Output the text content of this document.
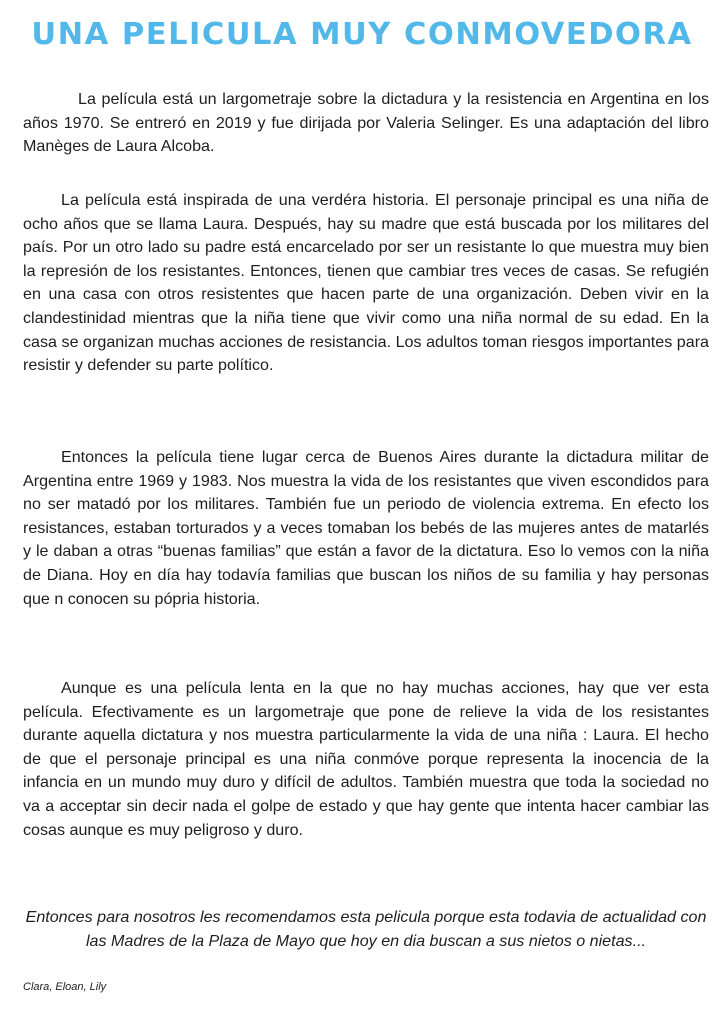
UNA PELICULA MUY CONMOVEDORA

La película está un largometraje sobre la dictadura y la resistencia en Argentina en los años 1970. Se entreró en 2019 y fue dirijada por Valeria Selinger. Es una adaptación del libro Manèges de Laura Alcoba.

La película está inspirada de una verdéra historia. El personaje principal es una niña de ocho años que se llama Laura. Después, hay su madre que está buscada por los militares del país. Por un otro lado su padre está encarcelado por ser un resistante lo que muestra muy bien la represión de los resistantes. Entonces, tienen que cambiar tres veces de casas. Se refugién en una casa con otros resistentes que hacen parte de una organización. Deben vivir en la clandestinidad mientras que la niña tiene que vivir como una niña normal de su edad. En la casa se organizan muchas acciones de resistancia. Los adultos toman riesgos importantes para resistir y defender su parte político.

Entonces la película tiene lugar cerca de Buenos Aires durante la dictadura militar de Argentina entre 1969 y 1983. Nos muestra la vida de los resistantes que viven escondidos para no ser matadó por los militares. También fue un periodo de violencia extrema. En efecto los resistances, estaban torturados y a veces tomaban los bebés de las mujeres antes de matarlés y le daban a otras “buenas familias” que están a favor de la dictatura. Eso lo vemos con la niña de Diana. Hoy en día hay todavía familias que buscan los niños de su familia y hay personas que n conocen su pópria historia.

Aunque es una película lenta en la que no hay muchas acciones, hay que ver esta película. Efectivamente es un largometraje que pone de relieve la vida de los resistantes durante aquella dictatura y nos muestra particularmente la vida de una niña : Laura. El hecho de que el personaje principal es una niña conmóve porque representa la inocencia de la infancia en un mundo muy duro y difícil de adultos. También muestra que toda la sociedad no va a acceptar sin decir nada el golpe de estado y que hay gente que intenta hacer cambiar las cosas aunque es muy peligroso y duro.

Entonces para nosotros les recomendamos esta pelicula porque esta todavia de actualidad con las Madres de la Plaza de Mayo que hoy en dia buscan a sus nietos o nietas...
Clara, Eloan, Lily
